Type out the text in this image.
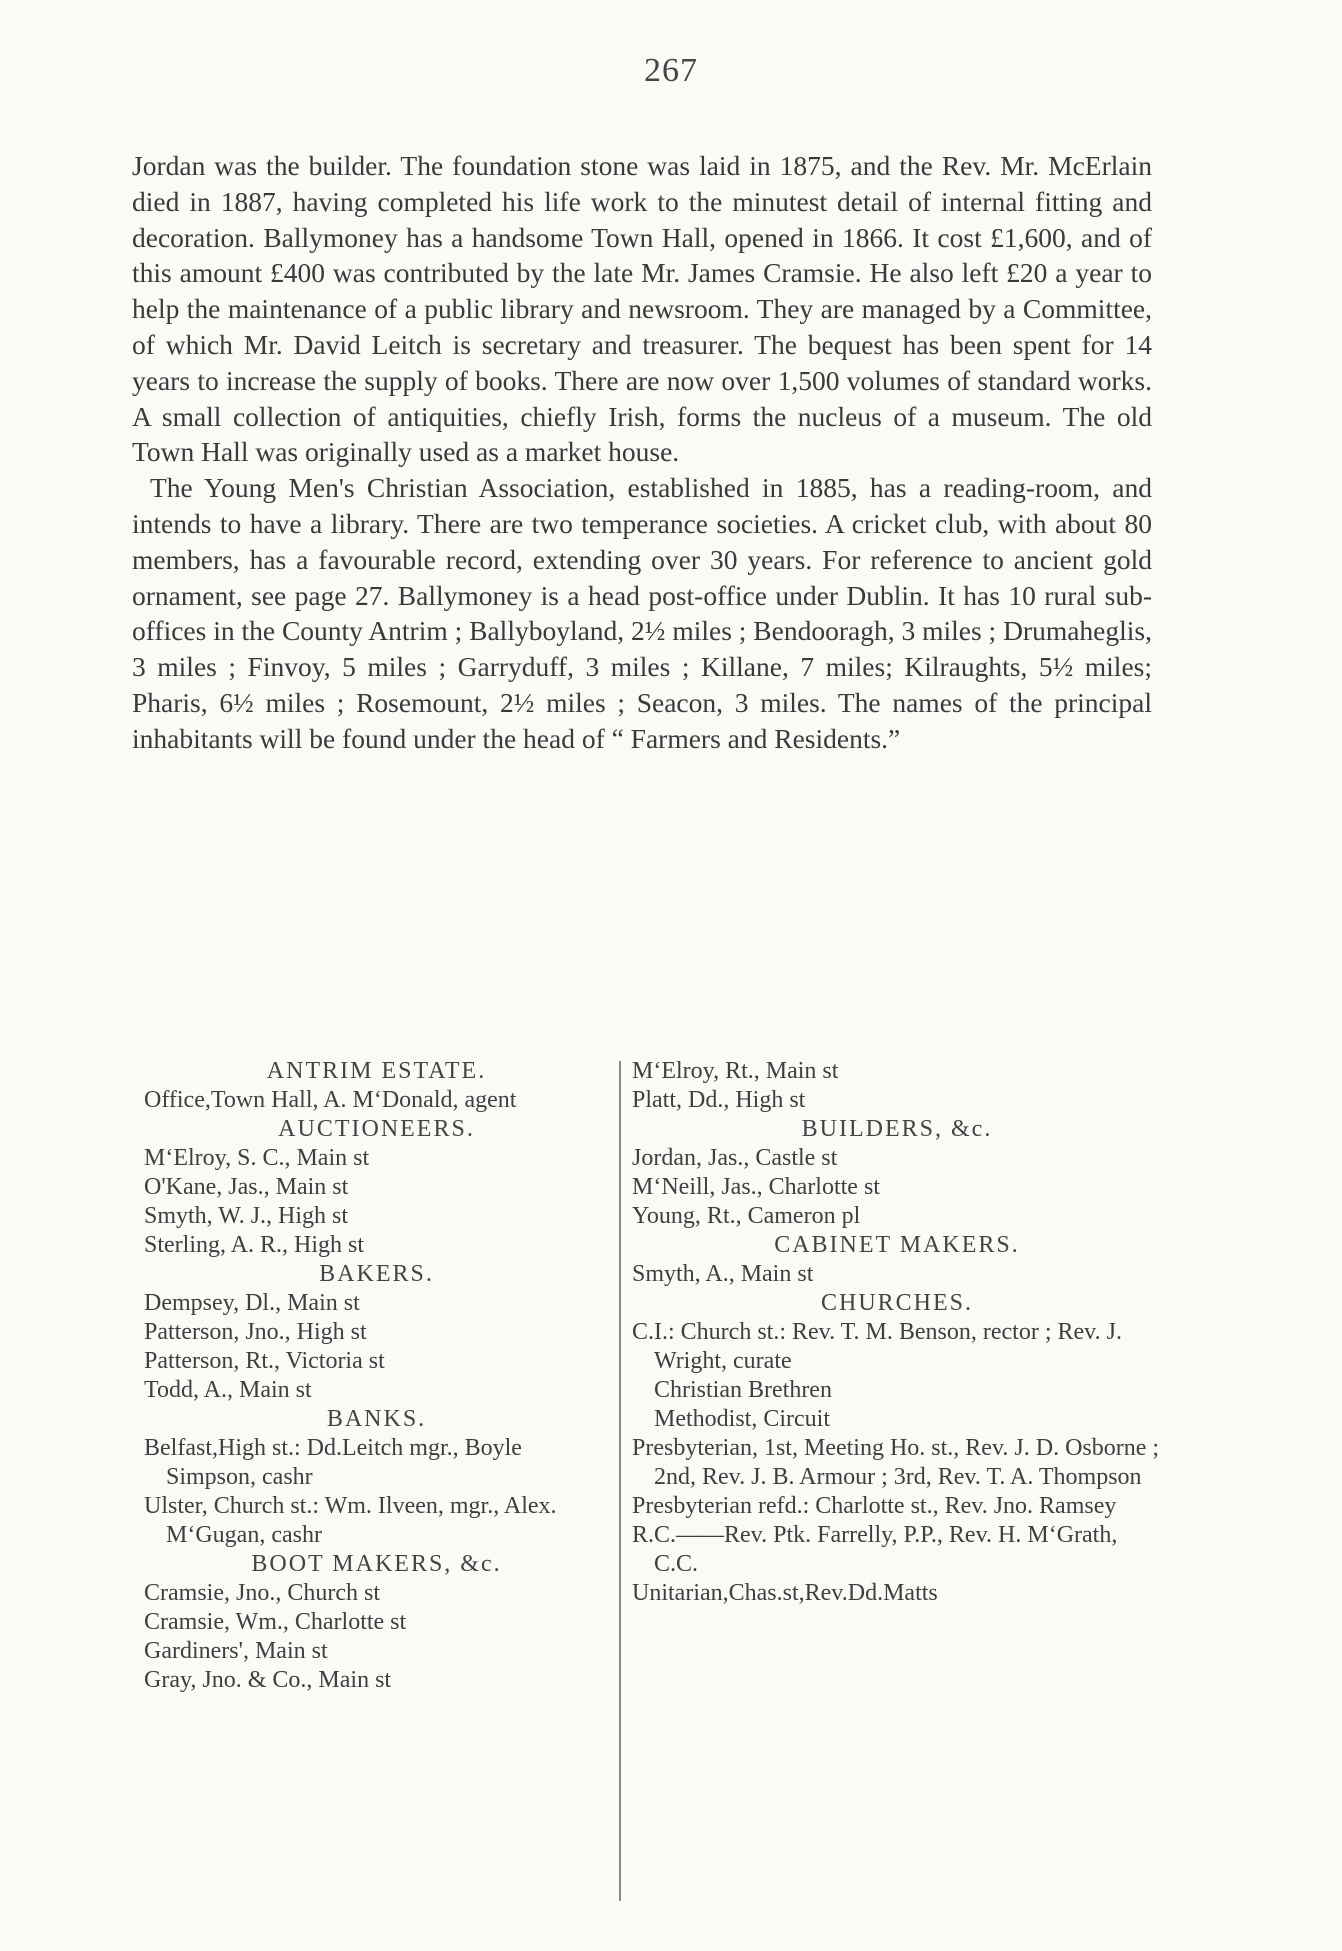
267

Jordan was the builder. The foundation stone was laid in 1875, and the Rev. Mr. McErlain died in 1887, having completed his life work to the minutest detail of internal fitting and decoration. Ballymoney has a handsome Town Hall, opened in 1866. It cost £1,600, and of this amount £400 was contributed by the late Mr. James Cramsie. He also left £20 a year to help the maintenance of a public library and newsroom. They are managed by a Committee, of which Mr. David Leitch is secretary and treasurer. The bequest has been spent for 14 years to increase the supply of books. There are now over 1,500 volumes of standard works. A small collection of antiquities, chiefly Irish, forms the nucleus of a museum. The old Town Hall was originally used as a market house.

The Young Men's Christian Association, established in 1885, has a reading-room, and intends to have a library. There are two temperance societies. A cricket club, with about 80 members, has a favourable record, extending over 30 years. For reference to ancient gold ornament, see page 27. Ballymoney is a head post-office under Dublin. It has 10 rural sub-offices in the County Antrim ; Ballyboyland, 2½ miles ; Bendooragh, 3 miles ; Drumaheglis, 3 miles ; Finvoy, 5 miles ; Garryduff, 3 miles ; Killane, 7 miles; Kilraughts, 5½ miles; Pharis, 6½ miles ; Rosemount, 2½ miles ; Seacon, 3 miles. The names of the principal inhabitants will be found under the head of “ Farmers and Residents.”

ANTRIM ESTATE.
Office,Town Hall, A. M‘Donald, agent
AUCTIONEERS.
M‘Elroy, S. C., Main st
O'Kane, Jas., Main st
Smyth, W. J., High st
Sterling, A. R., High st
BAKERS.
Dempsey, Dl., Main st
Patterson, Jno., High st
Patterson, Rt., Victoria st
Todd, A., Main st
BANKS.
Belfast,High st.: Dd.Leitch mgr., Boyle Simpson, cashr
Ulster, Church st.: Wm. Ilveen, mgr., Alex. M‘Gugan, cashr
BOOT MAKERS, &c.
Cramsie, Jno., Church st
Cramsie, Wm., Charlotte st
Gardiners', Main st
Gray, Jno. & Co., Main st
M‘Elroy, Rt., Main st
Platt, Dd., High st
BUILDERS, &c.
Jordan, Jas., Castle st
M‘Neill, Jas., Charlotte st
Young, Rt., Cameron pl
CABINET MAKERS.
Smyth, A., Main st
CHURCHES.
C.I.: Church st.: Rev. T. M. Benson, rector ; Rev. J. Wright, curate
Christian Brethren
Methodist, Circuit
Presbyterian, 1st, Meeting Ho. st., Rev. J. D. Osborne ; 2nd, Rev. J. B. Armour ; 3rd, Rev. T. A. Thompson
Presbyterian refd.: Charlotte st., Rev. Jno. Ramsey
R.C.——Rev. Ptk. Farrelly, P.P., Rev. H. M‘Grath, C.C.
Unitarian,Chas.st,Rev.Dd.Matts
